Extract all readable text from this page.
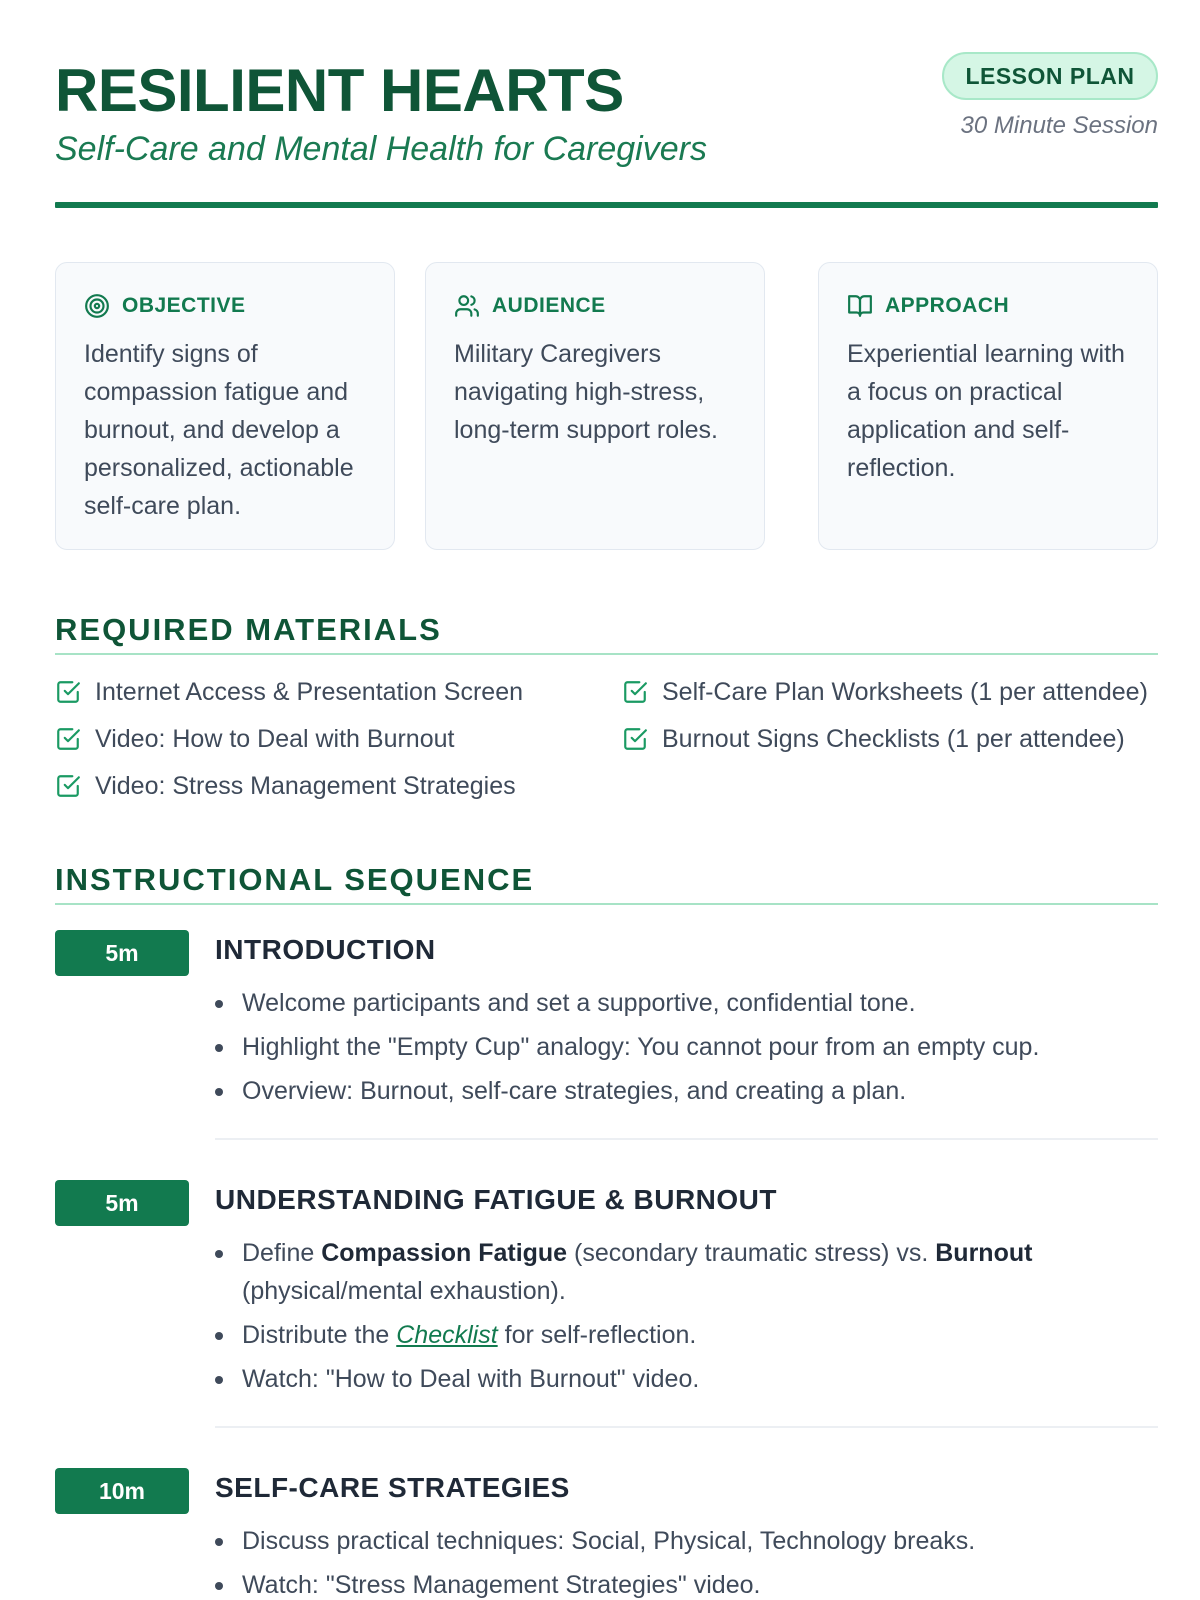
RESILIENT HEARTS
Self-Care and Mental Health for Caregivers
LESSON PLAN
30 Minute Session
OBJECTIVE

Identify signs of compassion fatigue and burnout, and develop a personalized, actionable self-care plan.

AUDIENCE

Military Caregivers navigating high-stress, long-term support roles.

APPROACH

Experiential learning with a focus on practical application and self-reflection.

REQUIRED MATERIALS
Internet Access & Presentation Screen
Video: How to Deal with Burnout
Video: Stress Management Strategies
Self-Care Plan Worksheets (1 per attendee)
Burnout Signs Checklists (1 per attendee)
INSTRUCTIONAL SEQUENCE
5m	INTRODUCTION
Welcome participants and set a supportive, confidential tone.
Highlight the "Empty Cup" analogy: You cannot pour from an empty cup.
Overview: Burnout, self-care strategies, and creating a plan.
5m	UNDERSTANDING FATIGUE & BURNOUT
Define Compassion Fatigue (secondary traumatic stress) vs. Burnout (physical/mental exhaustion).
Distribute the Checklist for self-reflection.
Watch: "How to Deal with Burnout" video.
10m	SELF-CARE STRATEGIES
Discuss practical techniques: Social, Physical, Technology breaks.
Watch: "Stress Management Strategies" video.
